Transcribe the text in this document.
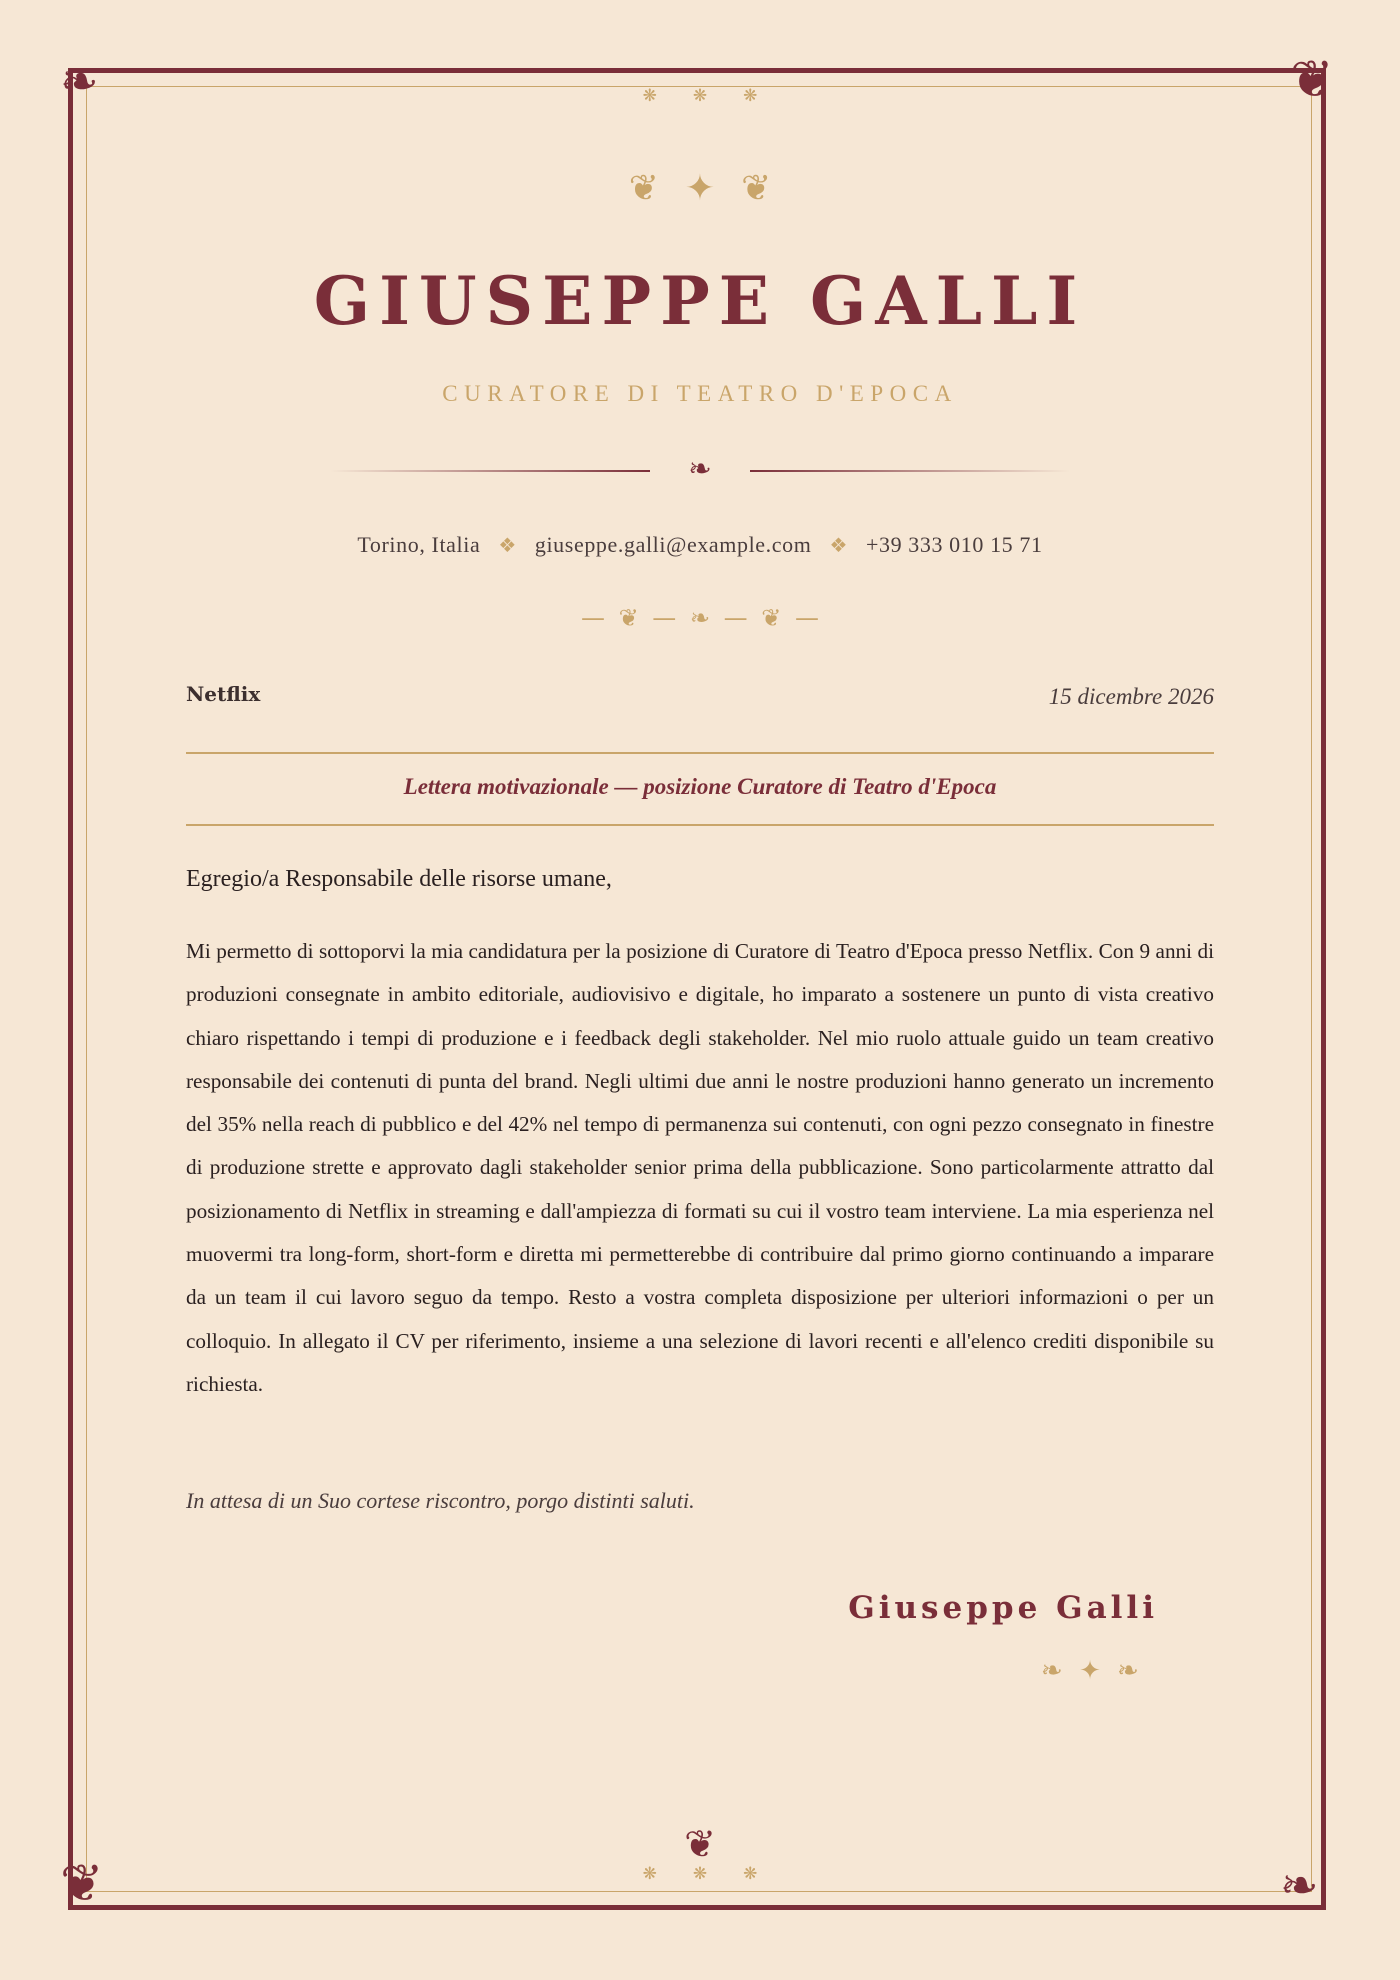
❧	❦
❦	❧
❋❋❋
❦✦❦
GIUSEPPE GALLI
CURATORE DI TEATRO D'EPOCA
❧
Torino, Italia ❖ giuseppe.galli@example.com ❖ +39 333 010 15 71
— ❦ — ❧ — ❦ —
Netflix	15 dicembre 2026
Lettera motivazionale — posizione Curatore di Teatro d'Epoca
Egregio/a Responsabile delle risorse umane,
Mi permetto di sottoporvi la mia candidatura per la posizione di Curatore di Teatro d'Epoca presso Netflix. Con 9 anni di produzioni consegnate in ambito editoriale, audiovisivo e digitale, ho imparato a sostenere un punto di vista creativo chiaro rispettando i tempi di produzione e i feedback degli stakeholder. Nel mio ruolo attuale guido un team creativo responsabile dei contenuti di punta del brand. Negli ultimi due anni le nostre produzioni hanno generato un incremento del 35% nella reach di pubblico e del 42% nel tempo di permanenza sui contenuti, con ogni pezzo consegnato in finestre di produzione strette e approvato dagli stakeholder senior prima della pubblicazione. Sono particolarmente attratto dal posizionamento di Netflix in streaming e dall'ampiezza di formati su cui il vostro team interviene. La mia esperienza nel muovermi tra long-form, short-form e diretta mi permetterebbe di contribuire dal primo giorno continuando a imparare da un team il cui lavoro seguo da tempo. Resto a vostra completa disposizione per ulteriori informazioni o per un colloquio. In allegato il CV per riferimento, insieme a una selezione di lavori recenti e all'elenco crediti disponibile su richiesta.
In attesa di un Suo cortese riscontro, porgo distinti saluti.
Giuseppe Galli
❧ ✦ ❧
❦
❋❋❋
